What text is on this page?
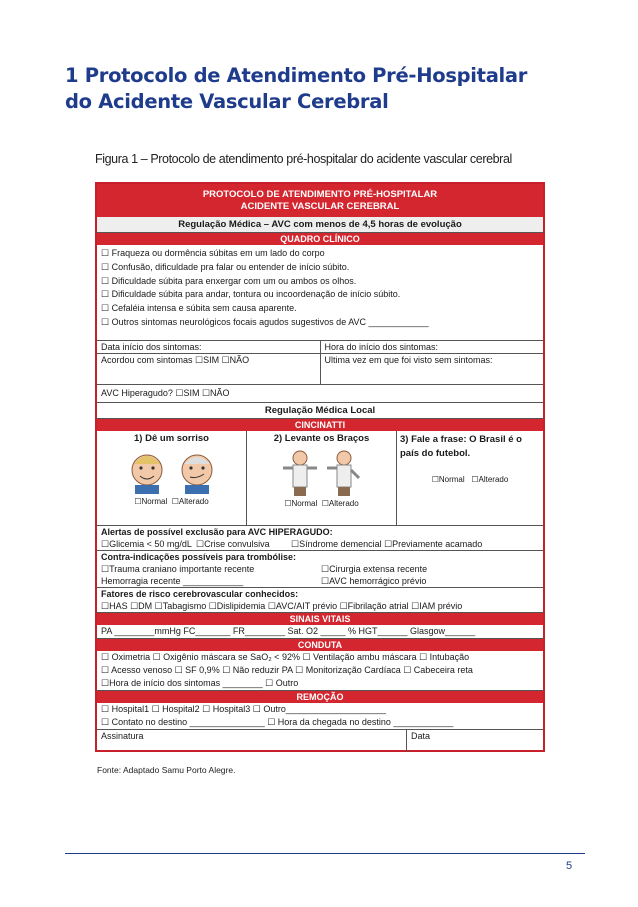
1 Protocolo de Atendimento Pré-Hospitalar
do Acidente Vascular Cerebral
Figura 1 – Protocolo de atendimento pré-hospitalar do acidente vascular cerebral
PROTOCOLO DE ATENDIMENTO PRÉ-HOSPITALAR
ACIDENTE VASCULAR CEREBRAL
Regulação Médica – AVC com menos de 4,5 horas de evolução
QUADRO CLÍNICO
☐ Fraqueza ou dormência súbitas em um lado do corpo
☐ Confusão, dificuldade pra falar ou entender de início súbito.
☐ Dificuldade súbita para enxergar com um ou ambos os olhos.
☐ Dificuldade súbita para andar, tontura ou incoordenação de início súbito.
☐ Cefaléia intensa e súbita sem causa aparente.
☐ Outros sintomas neurológicos focais agudos sugestivos de AVC ____________
Data início dos sintomas:	Hora do início dos sintomas:
Acordou com sintomas ☐SIM ☐NÃO	Ultima vez em que foi visto sem sintomas:
AVC Hiperagudo? ☐SIM ☐NÃO
Regulação Médica Local
CINCINATTI
1) Dê um sorriso
☐Normal ☐Alterado
2) Levante os Braços
☐Normal ☐Alterado
3) Fale a frase: O Brasil é o país do futebol.
☐Normal ☐Alterado
Alertas de possível exclusão para AVC HIPERAGUDO:
☐Glicemia < 50 mg/dL ☐Crise convulsiva	☐Síndrome demencial ☐Previamente acamado
Contra-indicações possíveis para trombólise:
☐Trauma craniano importante recente	☐Cirurgia extensa recente
Hemorragia recente ____________	☐AVC hemorrágico prévio
Fatores de risco cerebrovascular conhecidos:
☐HAS ☐DM ☐Tabagismo ☐Dislipidemia ☐AVC/AIT prévio ☐Fibrilação atrial ☐IAM prévio
SINAIS VITAIS
PA ________mmHg FC_______ FR________ Sat. O2 _____ % HGT______ Glasgow______
CONDUTA
☐ Oximetria ☐ Oxigênio máscara se SaO₂ < 92% ☐ Ventilação ambu máscara ☐ Intubação
☐ Acesso venoso ☐ SF 0,9% ☐ Não reduzir PA ☐ Monitorização Cardíaca ☐ Cabeceira reta
☐Hora de início dos sintomas ________ ☐ Outro
REMOÇÃO
☐ Hospital1 ☐ Hospital2 ☐ Hospital3 ☐ Outro____________________
☐ Contato no destino _______________ ☐ Hora da chegada no destino ____________
Assinatura	Data
Fonte: Adaptado Samu Porto Alegre.
5
